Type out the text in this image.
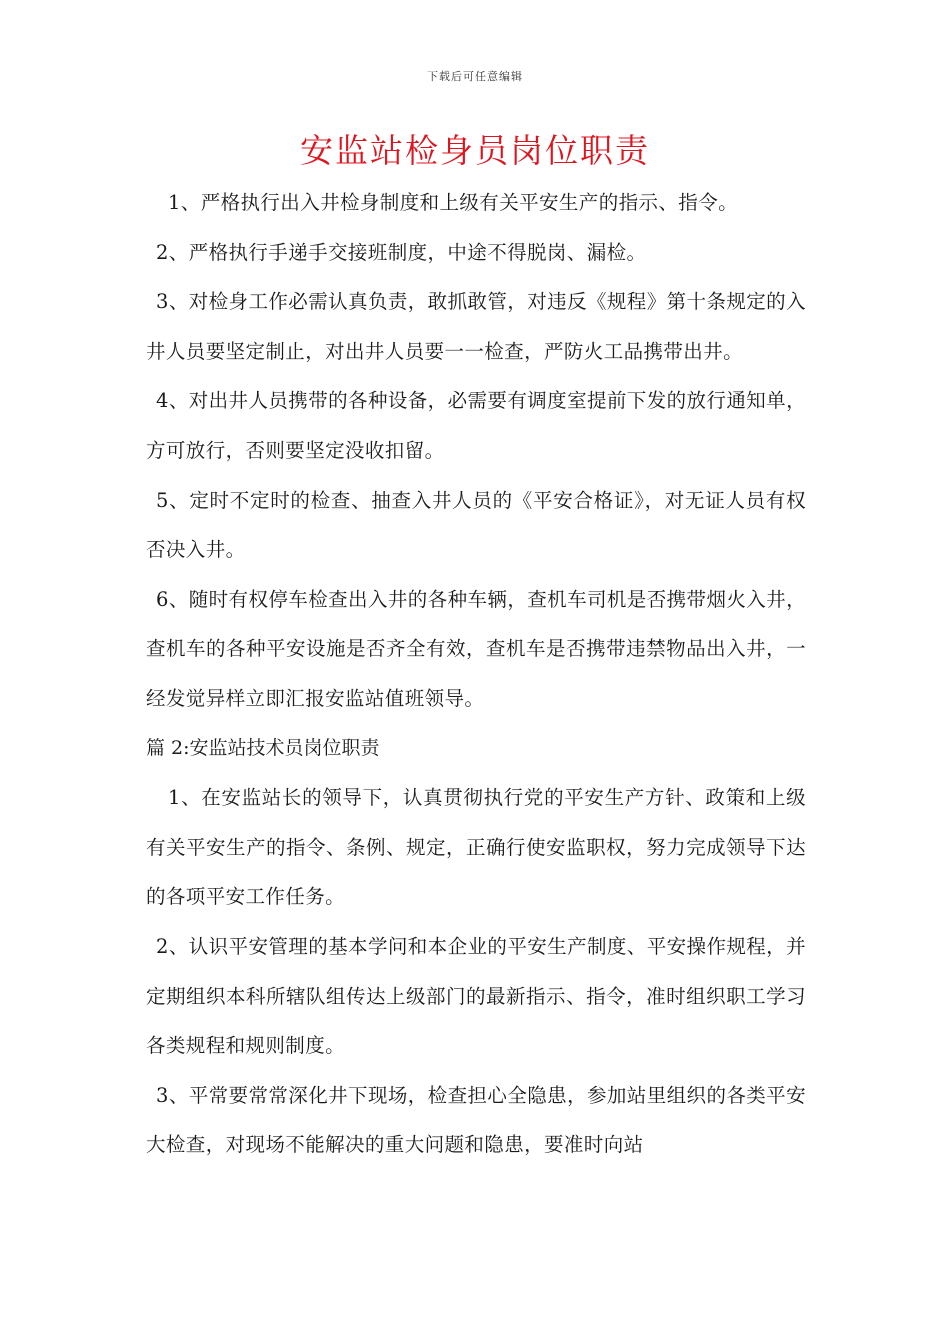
下载后可任意编辑
安监站检身员岗位职责

1、严格执行出入井检身制度和上级有关平安生产的指示、指令。

2、严格执行手递手交接班制度，中途不得脱岗、漏检。

3、对检身工作必需认真负责，敢抓敢管，对违反《规程》第十条规定的入井人员要坚定制止，对出井人员要一一检查，严防火工品携带出井。

4、对出井人员携带的各种设备，必需要有调度室提前下发的放行通知单，方可放行，否则要坚定没收扣留。

5、定时不定时的检查、抽查入井人员的《平安合格证》，对无证人员有权否决入井。

6、随时有权停车检查出入井的各种车辆，查机车司机是否携带烟火入井，查机车的各种平安设施是否齐全有效，查机车是否携带违禁物品出入井，一经发觉异样立即汇报安监站值班领导。

篇 2:安监站技术员岗位职责

1、在安监站长的领导下，认真贯彻执行党的平安生产方针、政策和上级有关平安生产的指令、条例、规定，正确行使安监职权，努力完成领导下达的各项平安工作任务。

2、认识平安管理的基本学问和本企业的平安生产制度、平安操作规程，并定期组织本科所辖队组传达上级部门的最新指示、指令，准时组织职工学习各类规程和规则制度。

3、平常要常常深化井下现场，检查担心全隐患，参加站里组织的各类平安大检查，对现场不能解决的重大问题和隐患，要准时向站
